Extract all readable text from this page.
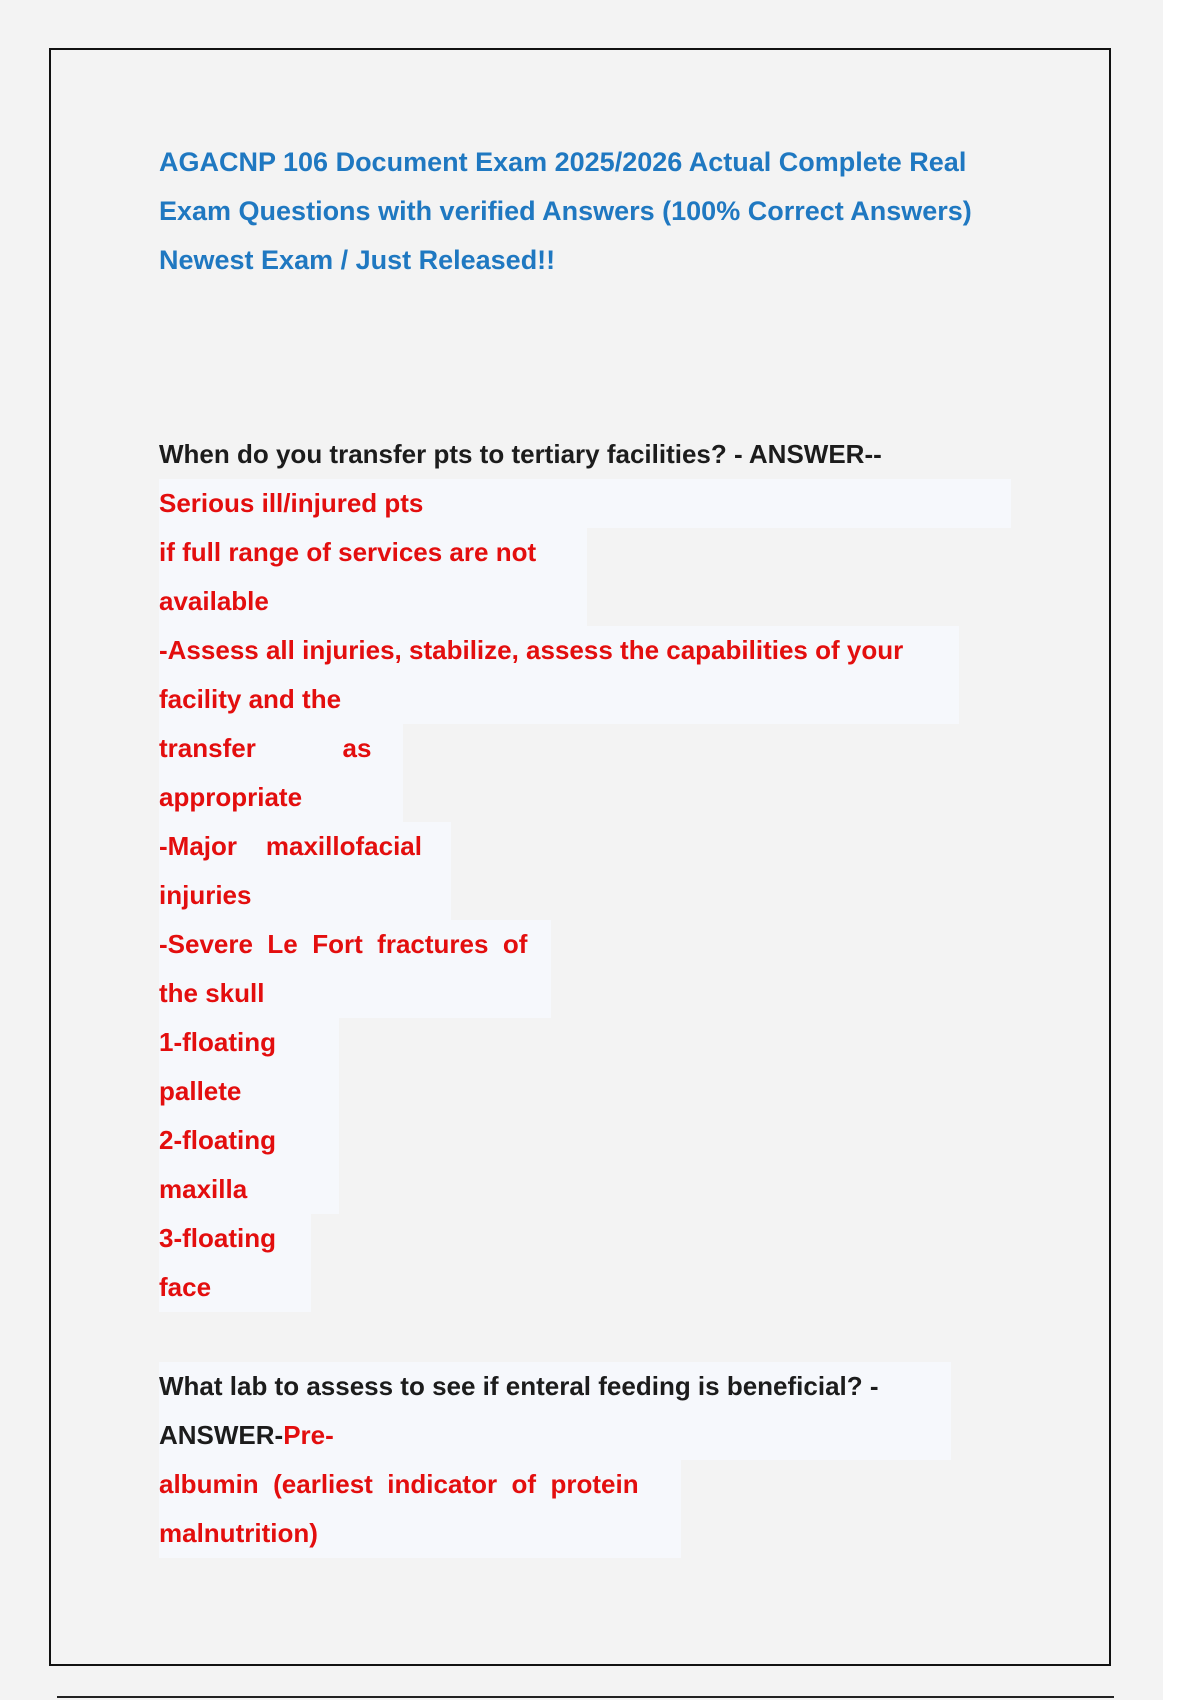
AGACNP 106 Document Exam 2025/2026 Actual Complete Real

Exam Questions with verified Answers (100% Correct Answers)

Newest Exam / Just Released!!

When do you transfer pts to tertiary facilities? - ANSWER--
Serious ill/injured pts
if full range of services are not
available
-Assess all injuries, stabilize, assess the capabilities of your
facility and the
transfer            as
appropriate
-Major    maxillofacial
injuries
-Severe  Le  Fort  fractures  of
the skull
1-floating
pallete
2-floating
maxilla
3-floating
face
What lab to assess to see if enteral feeding is beneficial? -
ANSWER-Pre-
albumin  (earliest  indicator  of  protein
malnutrition)
